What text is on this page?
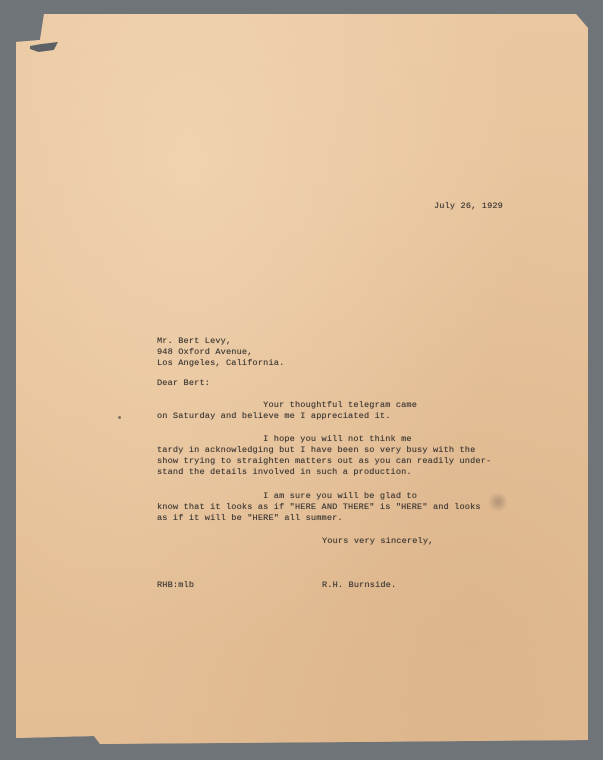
July 26, 1929
Mr. Bert Levy,
948 Oxford Avenue,
Los Angeles, California.
Dear Bert:
Your thoughtful telegram came
on Saturday and believe me I appreciated it.
I hope you will not think me
tardy in acknowledging but I have been so very busy with the
show trying to straighten matters out as you can readily under-
stand the details involved in such a production.
I am sure you will be glad to
know that it looks as if "HERE AND THERE" is "HERE" and looks
as if it will be "HERE" all summer.
Yours very sincerely,
RHB:mlb	R.H. Burnside.
